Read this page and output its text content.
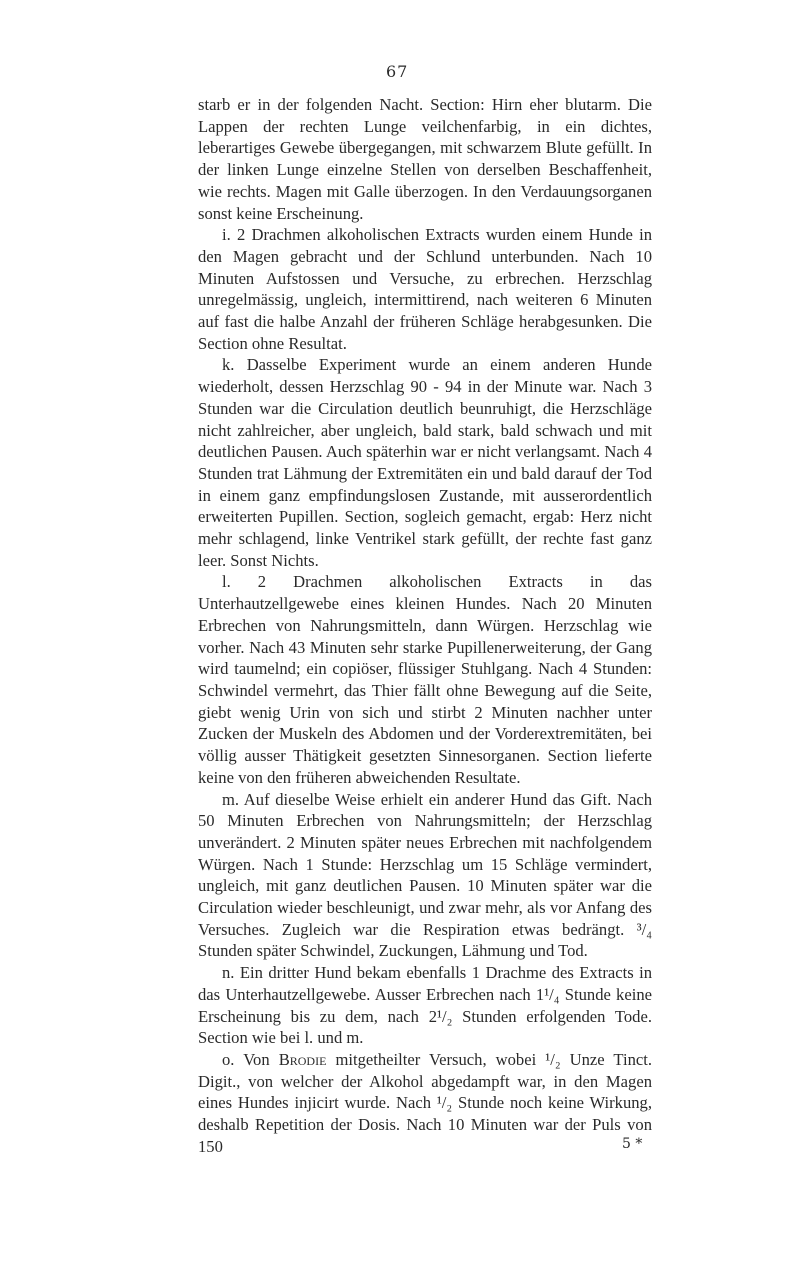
67

starb er in der folgenden Nacht. Section: Hirn eher blutarm. Die Lappen der rechten Lunge veilchenfarbig, in ein dichtes, leberartiges Gewebe übergegangen, mit schwarzem Blute gefüllt. In der linken Lunge einzelne Stellen von derselben Beschaffenheit, wie rechts. Magen mit Galle überzogen. In den Verdauungsorganen sonst keine Erscheinung.

i. 2 Drachmen alkoholischen Extracts wurden einem Hunde in den Magen gebracht und der Schlund unterbunden. Nach 10 Minuten Aufstossen und Versuche, zu erbrechen. Herzschlag unregelmässig, ungleich, intermittirend, nach weiteren 6 Minuten auf fast die halbe Anzahl der früheren Schläge herabgesunken. Die Section ohne Resultat.

k. Dasselbe Experiment wurde an einem anderen Hunde wiederholt, dessen Herzschlag 90 - 94 in der Minute war. Nach 3 Stunden war die Circulation deutlich beunruhigt, die Herzschläge nicht zahlreicher, aber ungleich, bald stark, bald schwach und mit deutlichen Pausen. Auch späterhin war er nicht verlangsamt. Nach 4 Stunden trat Lähmung der Extremitäten ein und bald darauf der Tod in einem ganz empfindungslosen Zustande, mit ausserordentlich erweiterten Pupillen. Section, sogleich gemacht, ergab: Herz nicht mehr schlagend, linke Ventrikel stark gefüllt, der rechte fast ganz leer. Sonst Nichts.

l. 2 Drachmen alkoholischen Extracts in das Unterhautzellgewebe eines kleinen Hundes. Nach 20 Minuten Erbrechen von Nahrungsmitteln, dann Würgen. Herzschlag wie vorher. Nach 43 Minuten sehr starke Pupillenerweiterung, der Gang wird taumelnd; ein copiöser, flüssiger Stuhlgang. Nach 4 Stunden: Schwindel vermehrt, das Thier fällt ohne Bewegung auf die Seite, giebt wenig Urin von sich und stirbt 2 Minuten nachher unter Zucken der Muskeln des Abdomen und der Vorderextremitäten, bei völlig ausser Thätigkeit gesetzten Sinnesorganen. Section lieferte keine von den früheren abweichenden Resultate.

m. Auf dieselbe Weise erhielt ein anderer Hund das Gift. Nach 50 Minuten Erbrechen von Nahrungsmitteln; der Herzschlag unverändert. 2 Minuten später neues Erbrechen mit nachfolgendem Würgen. Nach 1 Stunde: Herzschlag um 15 Schläge vermindert, ungleich, mit ganz deutlichen Pausen. 10 Minuten später war die Circulation wieder beschleunigt, und zwar mehr, als vor Anfang des Versuches. Zugleich war die Respiration etwas bedrängt. ³/₄ Stunden später Schwindel, Zuckungen, Lähmung und Tod.

n. Ein dritter Hund bekam ebenfalls 1 Drachme des Extracts in das Unterhautzellgewebe. Ausser Erbrechen nach 1¹/₄ Stunde keine Erscheinung bis zu dem, nach 2¹/₂ Stunden erfolgenden Tode. Section wie bei l. und m.

o. Von Brodie mitgetheilter Versuch, wobei ¹/₂ Unze Tinct. Digit., von welcher der Alkohol abgedampft war, in den Magen eines Hundes injicirt wurde. Nach ¹/₂ Stunde noch keine Wirkung, deshalb Repetition der Dosis. Nach 10 Minuten war der Puls von 150	5 *
